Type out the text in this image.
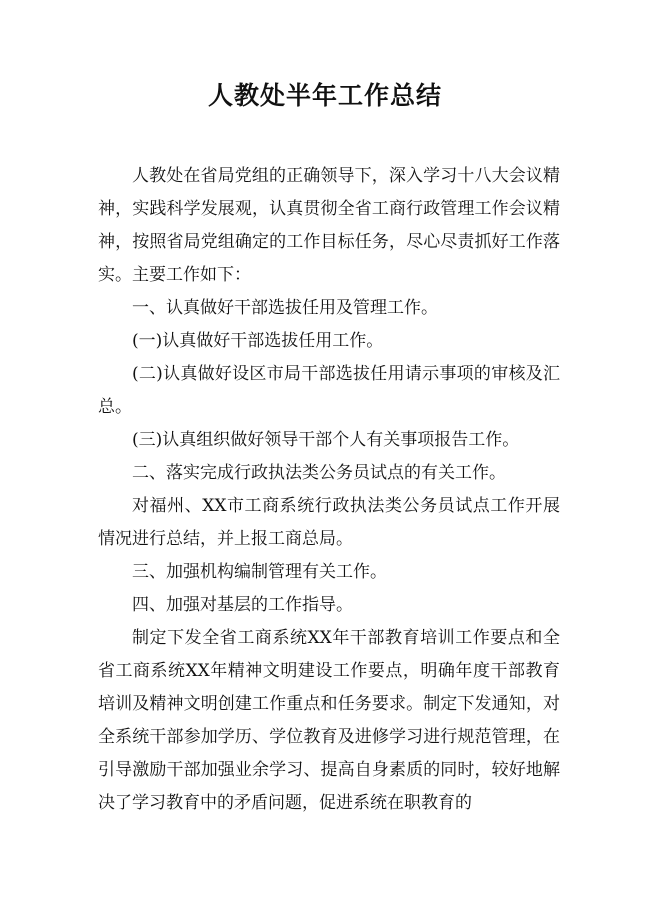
人教处半年工作总结

人教处在省局党组的正确领导下，深入学习十八大会议精神，实践科学发展观，认真贯彻全省工商行政管理工作会议精神，按照省局党组确定的工作目标任务，尽心尽责抓好工作落实。主要工作如下：

一、认真做好干部选拔任用及管理工作。

(一)认真做好干部选拔任用工作。

(二)认真做好设区市局干部选拔任用请示事项的审核及汇总。

(三)认真组织做好领导干部个人有关事项报告工作。

二、落实完成行政执法类公务员试点的有关工作。

对福州、XX市工商系统行政执法类公务员试点工作开展情况进行总结，并上报工商总局。

三、加强机构编制管理有关工作。

四、加强对基层的工作指导。

制定下发全省工商系统XX年干部教育培训工作要点和全省工商系统XX年精神文明建设工作要点，明确年度干部教育培训及精神文明创建工作重点和任务要求。制定下发通知，对全系统干部参加学历、学位教育及进修学习进行规范管理，在引导激励干部加强业余学习、提高自身素质的同时，较好地解决了学习教育中的矛盾问题，促进系统在职教育的
